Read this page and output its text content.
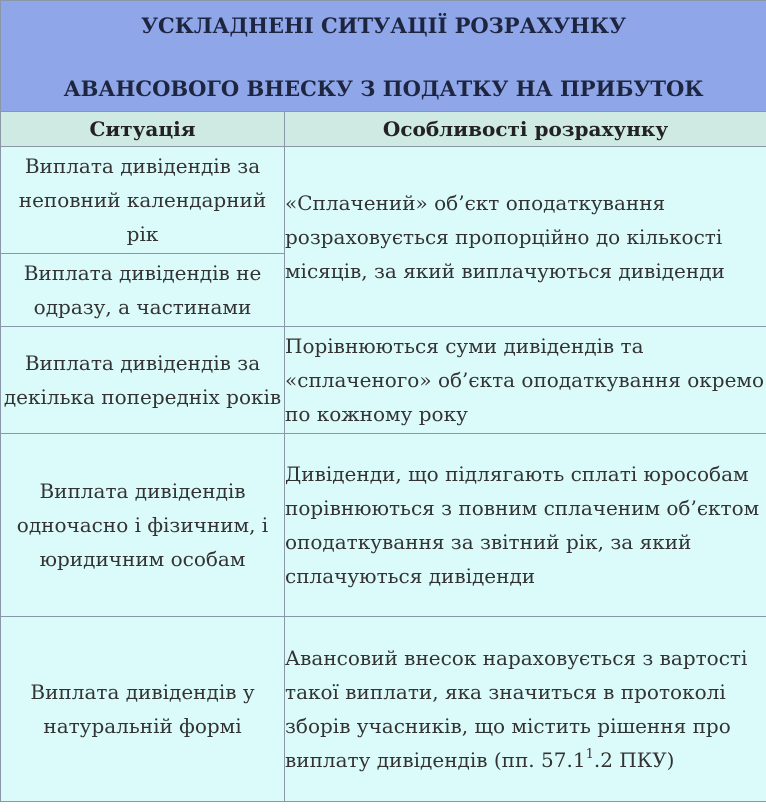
УСКЛАДНЕНІ СИТУАЦІЇ РОЗРАХУНКУ
АВАНСОВОГО ВНЕСКУ З ПОДАТКУ НА ПРИБУТОК	

Ситуація	Особливості розрахунку
Виплата дивідендів за неповний календарний рік	«Сплачений» об’єкт оподаткування розраховується пропорційно до кількості місяців, за який виплачуються дивіденди
Виплата дивідендів не одразу, а частинами	
Виплата дивідендів за декілька попередніх років	Порівнюються суми дивідендів та «сплаченого» об’єкта оподаткування окремо по кожному року
Виплата дивідендів одночасно і фізичним, і юридичним особам	Дивіденди, що підлягають сплаті юрособам порівнюються з повним сплаченим об’єктом оподаткування за звітний рік, за який сплачуються дивіденди
Виплата дивідендів у натуральній формі	Авансовий внесок нараховується з вартості такої виплати, яка значиться в протоколі зборів учасників, що містить рішення про виплату дивідендів (пп. 57.1$^1$.2 ПКУ)
